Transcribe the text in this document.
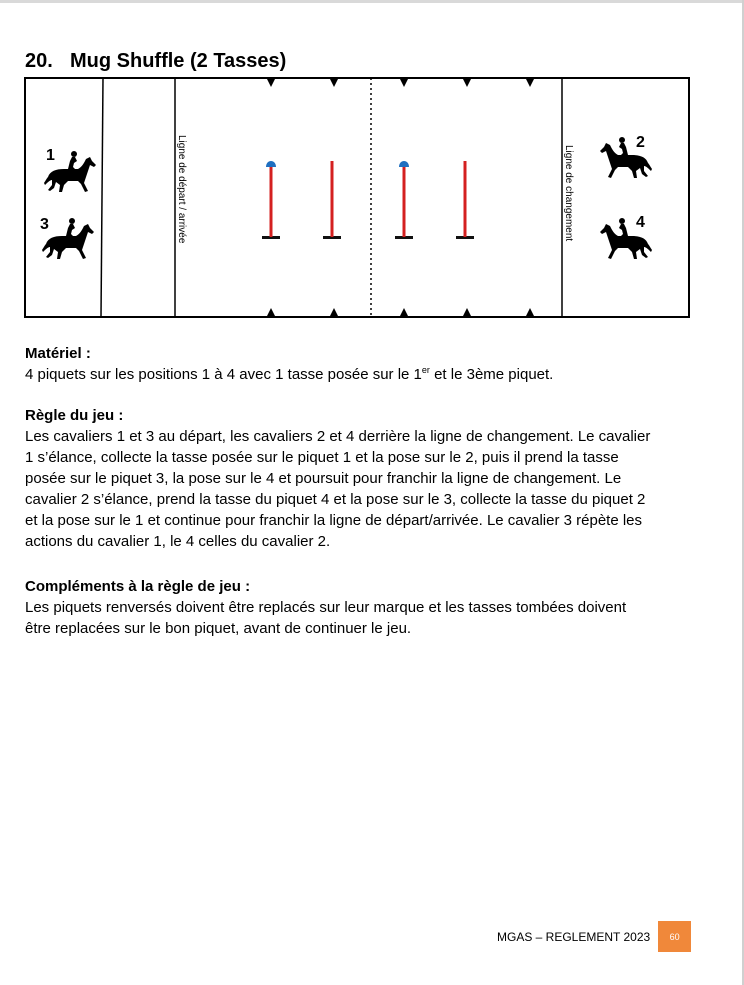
20. Mug Shuffle (2 Tasses)
1
3
2
4
Ligne de départ / arrivée	Ligne de changement

Matériel :

4 piquets sur les positions 1 à 4 avec 1 tasse posée sur le 1er et le 3ème piquet.

Règle du jeu :

Les cavaliers 1 et 3 au départ, les cavaliers 2 et 4 derrière la ligne de changement. Le cavalier

1 s’élance, collecte la tasse posée sur le piquet 1 et la pose sur le 2, puis il prend la tasse

posée sur le piquet 3, la pose sur le 4 et poursuit pour franchir la ligne de changement. Le

cavalier 2 s’élance, prend la tasse du piquet 4 et la pose sur le 3, collecte la tasse du piquet 2

et la pose sur le 1 et continue pour franchir la ligne de départ/arrivée. Le cavalier 3 répète les

actions du cavalier 1, le 4 celles du cavalier 2.

Compléments à la règle de jeu :

Les piquets renversés doivent être replacés sur leur marque et les tasses tombées doivent

être replacées sur le bon piquet, avant de continuer le jeu.

MGAS – REGLEMENT 2023	60
